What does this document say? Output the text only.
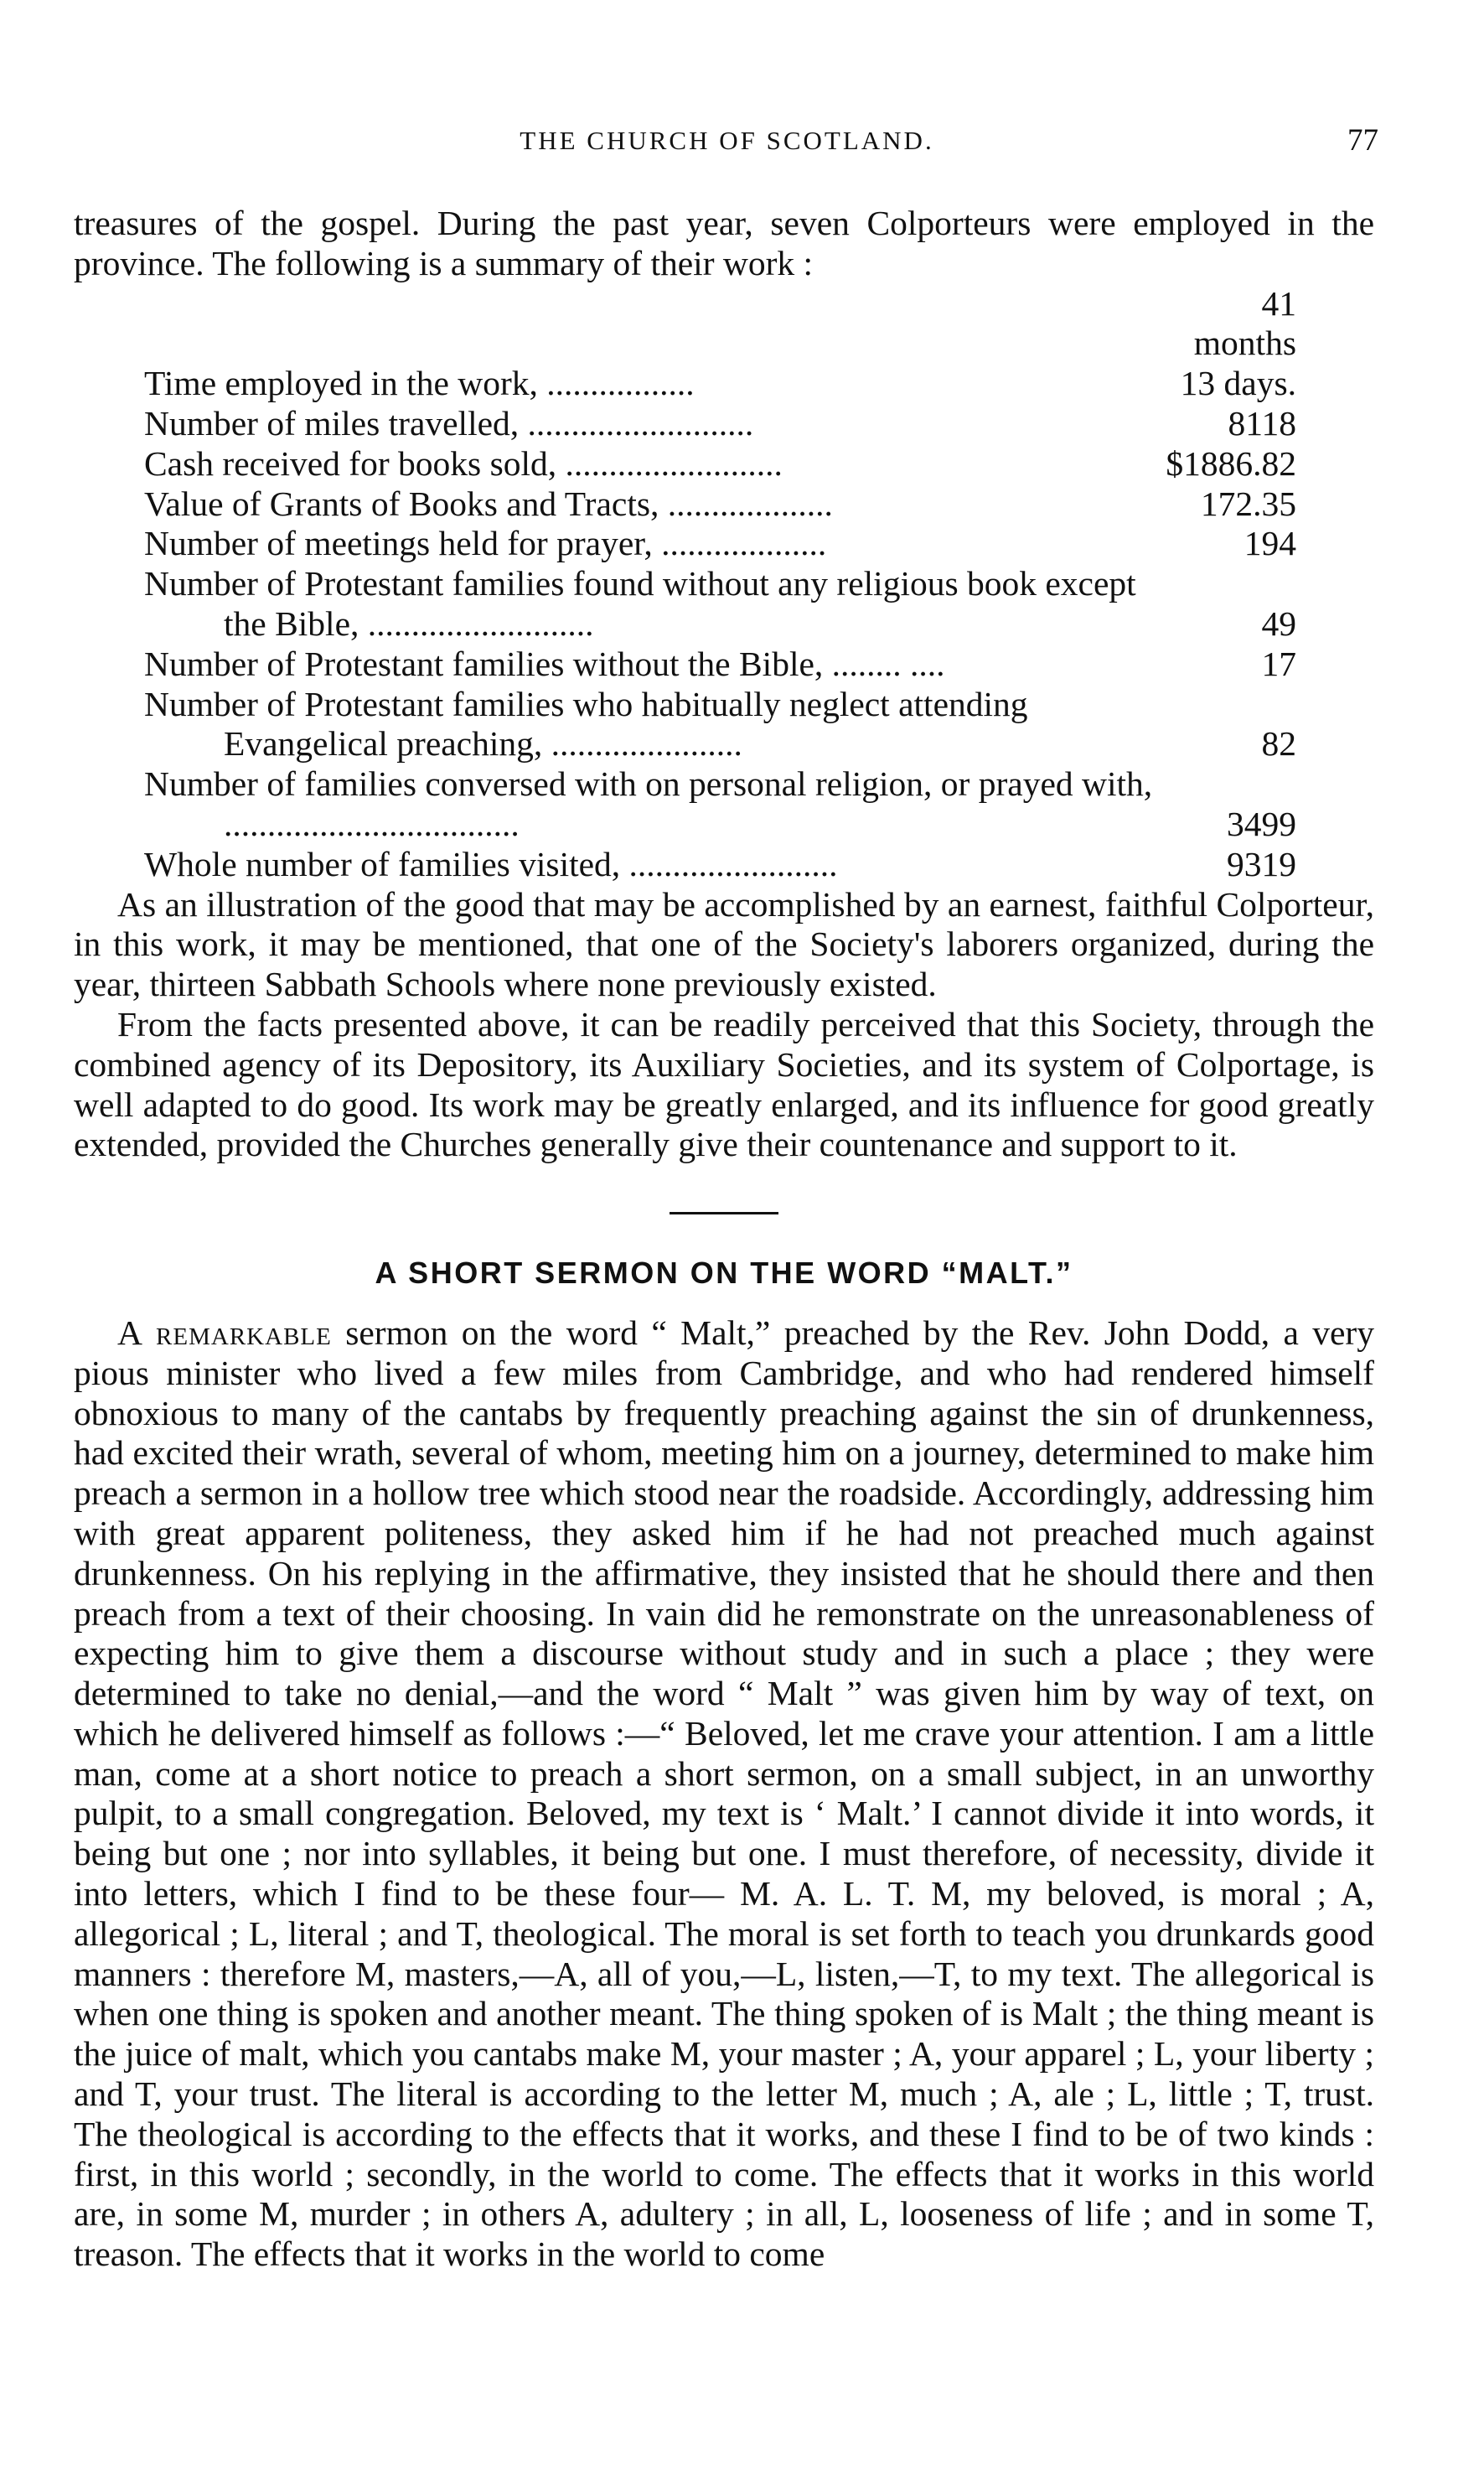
THE CHURCH OF SCOTLAND.	77

treasures of the gospel. During the past year, seven Colporteurs were employed in the province. The following is a summary of their work :

Time employed in the work, .................	41 months 13 days.
Number of miles travelled, ..........................	8118
Cash received for books sold, .........................	$1886.82
Value of Grants of Books and Tracts, ...................	172.35
Number of meetings held for prayer, ...................	194
Number of Protestant families found without any religious book except the Bible, ..........................	49
Number of Protestant families without the Bible, ........ ....	17
Number of Protestant families who habitually neglect attending Evangelical preaching, ......................	82
Number of families conversed with on personal religion, or prayed with, ..................................	3499
Whole number of families visited, ........................	9319

As an illustration of the good that may be accomplished by an earnest, faithful Colporteur, in this work, it may be mentioned, that one of the Society's laborers organized, during the year, thirteen Sabbath Schools where none previously existed.

From the facts presented above, it can be readily perceived that this Society, through the combined agency of its Depository, its Auxiliary Societies, and its system of Colportage, is well adapted to do good. Its work may be greatly enlarged, and its influence for good greatly extended, provided the Churches generally give their countenance and support to it.

A SHORT SERMON ON THE WORD “MALT.”

A remarkable sermon on the word “ Malt,” preached by the Rev. John Dodd, a very pious minister who lived a few miles from Cambridge, and who had rendered himself obnoxious to many of the cantabs by frequently preaching against the sin of drunkenness, had excited their wrath, several of whom, meeting him on a journey, determined to make him preach a sermon in a hollow tree which stood near the roadside. Accordingly, addressing him with great apparent politeness, they asked him if he had not preached much against drunkenness. On his replying in the affirmative, they insisted that he should there and then preach from a text of their choosing. In vain did he remonstrate on the unreasonableness of expecting him to give them a discourse without study and in such a place ; they were determined to take no denial,—and the word “ Malt ” was given him by way of text, on which he delivered himself as follows :—“ Beloved, let me crave your attention. I am a little man, come at a short notice to preach a short sermon, on a small subject, in an unworthy pulpit, to a small congregation. Beloved, my text is ‘ Malt.’ I cannot divide it into words, it being but one ; nor into syllables, it being but one. I must therefore, of necessity, divide it into letters, which I find to be these four— M. A. L. T. M, my beloved, is moral ; A, allegorical ; L, literal ; and T, theological. The moral is set forth to teach you drunkards good manners : therefore M, masters,—A, all of you,—L, listen,—T, to my text. The allegorical is when one thing is spoken and another meant. The thing spoken of is Malt ; the thing meant is the juice of malt, which you cantabs make M, your master ; A, your apparel ; L, your liberty ; and T, your trust. The literal is according to the letter M, much ; A, ale ; L, little ; T, trust. The theological is according to the effects that it works, and these I find to be of two kinds : first, in this world ; secondly, in the world to come. The effects that it works in this world are, in some M, murder ; in others A, adultery ; in all, L, looseness of life ; and in some T, treason. The effects that it works in the world to come
